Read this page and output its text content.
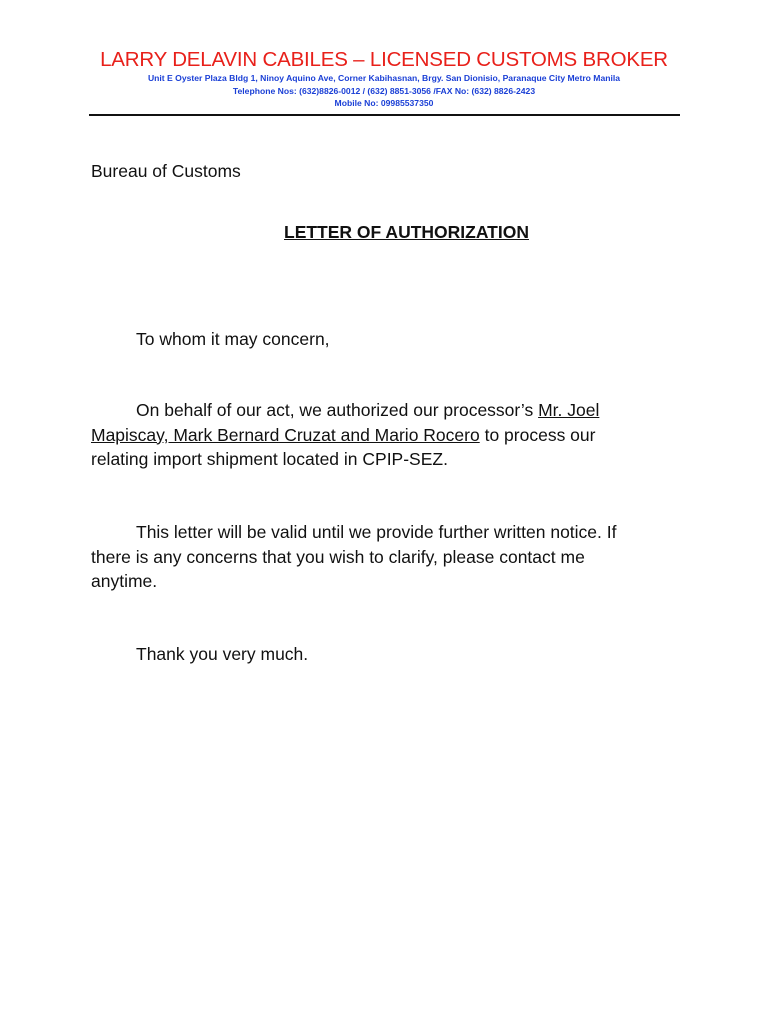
LARRY DELAVIN CABILES – LICENSED CUSTOMS BROKER
Unit E Oyster Plaza Bldg 1, Ninoy Aquino Ave, Corner Kabihasnan, Brgy. San Dionisio, Paranaque City Metro Manila
Telephone Nos: (632)8826-0012 / (632) 8851-3056 /FAX No: (632) 8826-2423
Mobile No: 09985537350
Bureau of Customs
LETTER OF AUTHORIZATION
To whom it may concern,
On behalf of our act, we authorized our processor’s Mr. Joel
Mapiscay, Mark Bernard Cruzat and Mario Rocero to process our
relating import shipment located in CPIP-SEZ.
This letter will be valid until we provide further written notice. If
there is any concerns that you wish to clarify, please contact me
anytime.
Thank you very much.
